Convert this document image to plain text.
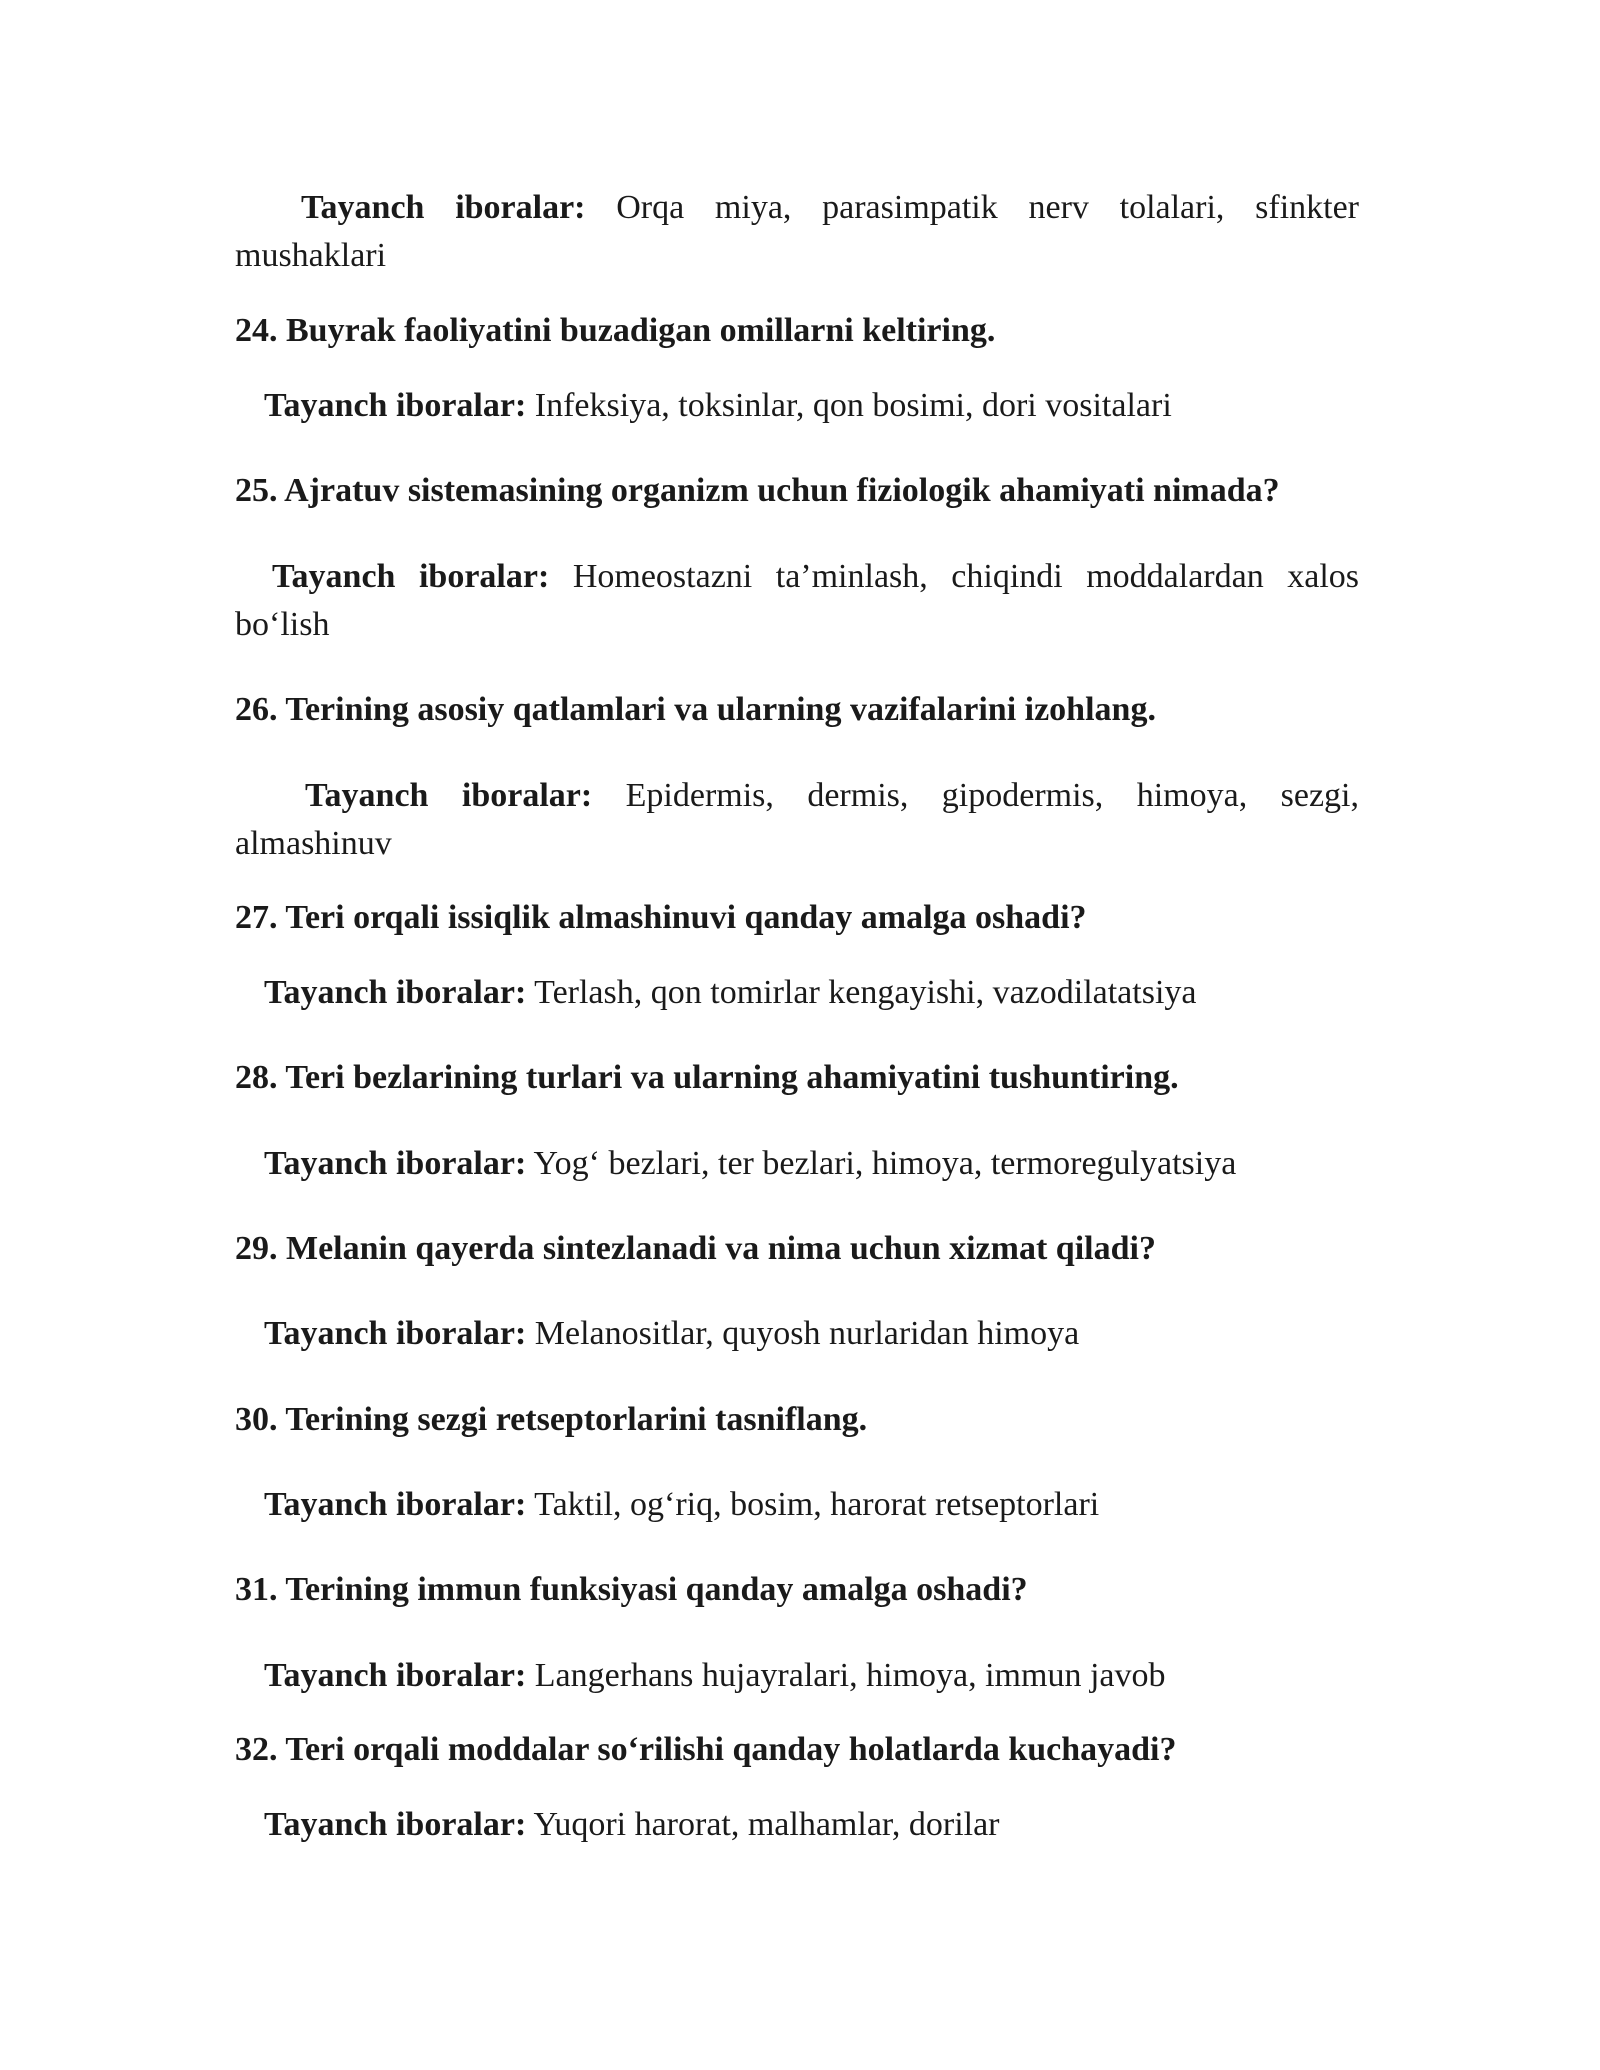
Tayanch iboralar: Orqa miya, parasimpatik nerv tolalari, sfinkter mushaklari

24. Buyrak faoliyatini buzadigan omillarni keltiring.

Tayanch iboralar: Infeksiya, toksinlar, qon bosimi, dori vositalari

25. Ajratuv sistemasining organizm uchun fiziologik ahamiyati nimada?

Tayanch iboralar: Homeostazni ta’minlash, chiqindi moddalardan xalos bo‘lish

26. Terining asosiy qatlamlari va ularning vazifalarini izohlang.

Tayanch iboralar: Epidermis, dermis, gipodermis, himoya, sezgi, almashinuv

27. Teri orqali issiqlik almashinuvi qanday amalga oshadi?

Tayanch iboralar: Terlash, qon tomirlar kengayishi, vazodilatatsiya

28. Teri bezlarining turlari va ularning ahamiyatini tushuntiring.

Tayanch iboralar: Yog‘ bezlari, ter bezlari, himoya, termoregulyatsiya

29. Melanin qayerda sintezlanadi va nima uchun xizmat qiladi?

Tayanch iboralar: Melanositlar, quyosh nurlaridan himoya

30. Terining sezgi retseptorlarini tasniflang.

Tayanch iboralar: Taktil, og‘riq, bosim, harorat retseptorlari

31. Terining immun funksiyasi qanday amalga oshadi?

Tayanch iboralar: Langerhans hujayralari, himoya, immun javob

32. Teri orqali moddalar so‘rilishi qanday holatlarda kuchayadi?

Tayanch iboralar: Yuqori harorat, malhamlar, dorilar
